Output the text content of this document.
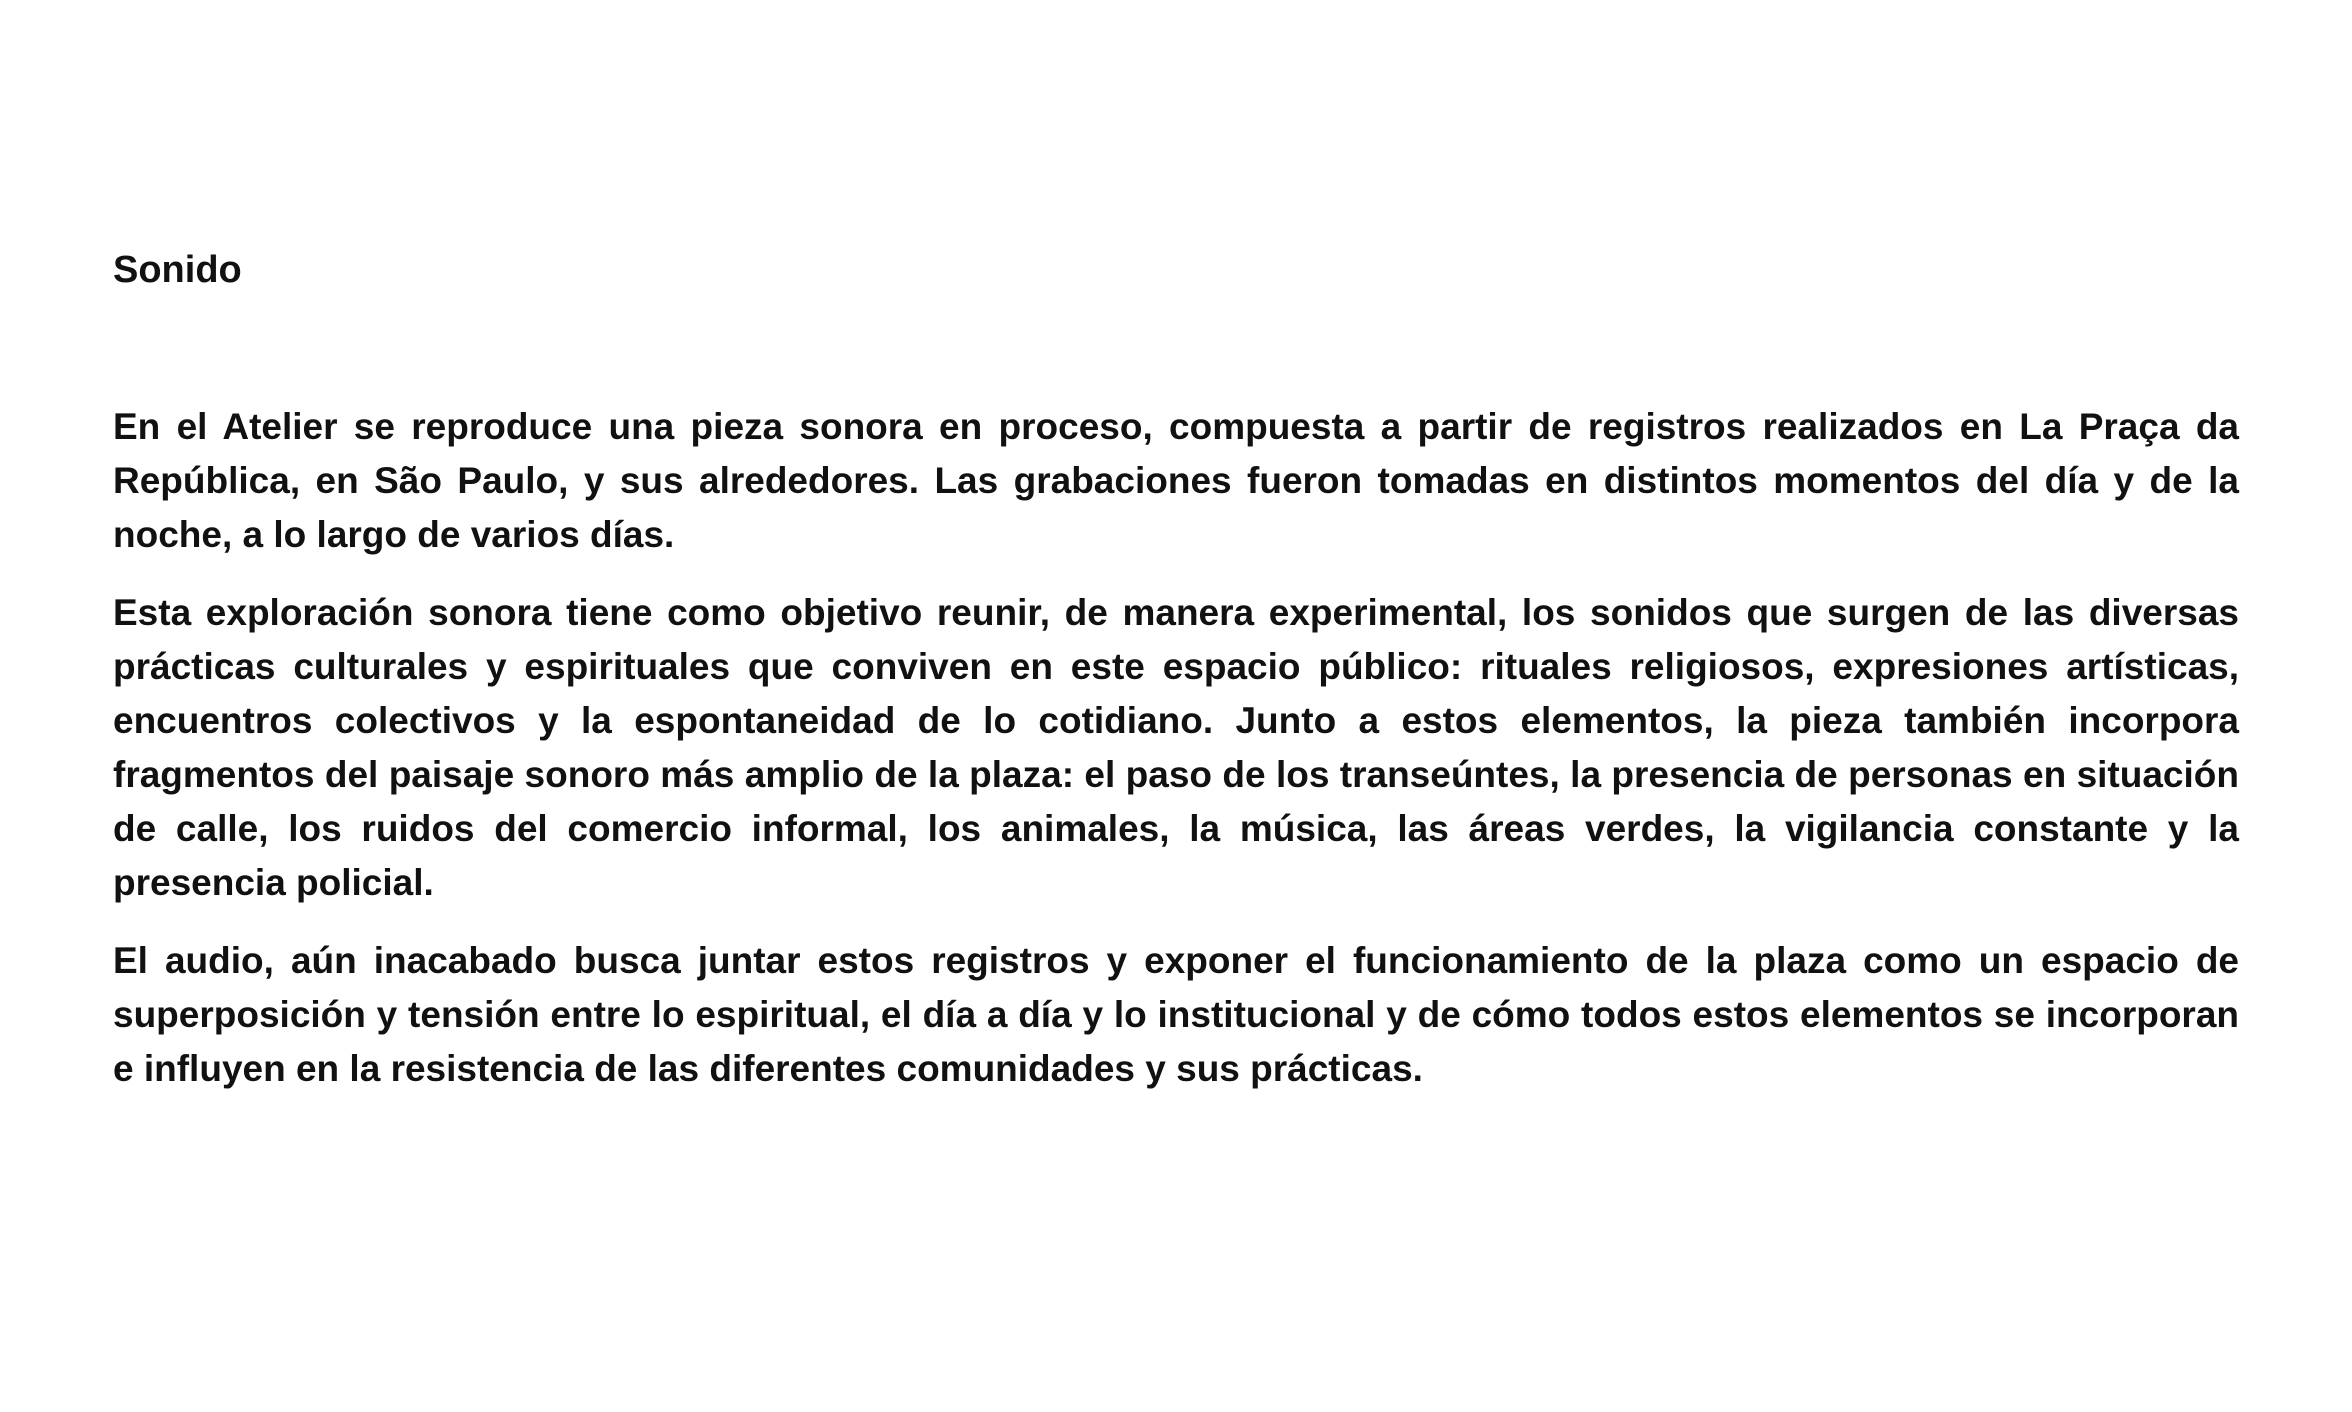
Sonido

En el Atelier se reproduce una pieza sonora en proceso, compuesta a partir de registros realizados en La Praça da República, en São Paulo, y sus alrededores. Las grabaciones fueron tomadas en distintos momentos del día y de la noche, a lo largo de varios días.

Esta exploración sonora tiene como objetivo reunir, de manera experimental, los sonidos que surgen de las diversas prácticas culturales y espirituales que conviven en este espacio público: rituales religiosos, expresiones artísticas, encuentros colectivos y la espontaneidad de lo cotidiano. Junto a estos elementos, la pieza también incorpora fragmentos del paisaje sonoro más amplio de la plaza: el paso de los transeúntes, la presencia de personas en situación de calle, los ruidos del comercio informal, los animales, la música, las áreas verdes, la vigilancia constante y la presencia policial.

El audio, aún inacabado busca juntar estos registros y exponer el funcionamiento de la plaza como un espacio de superposición y tensión entre lo espiritual, el día a día y lo institucional y de cómo todos estos elementos se incorporan e influyen en la resistencia de las diferentes comunidades y sus prácticas.
